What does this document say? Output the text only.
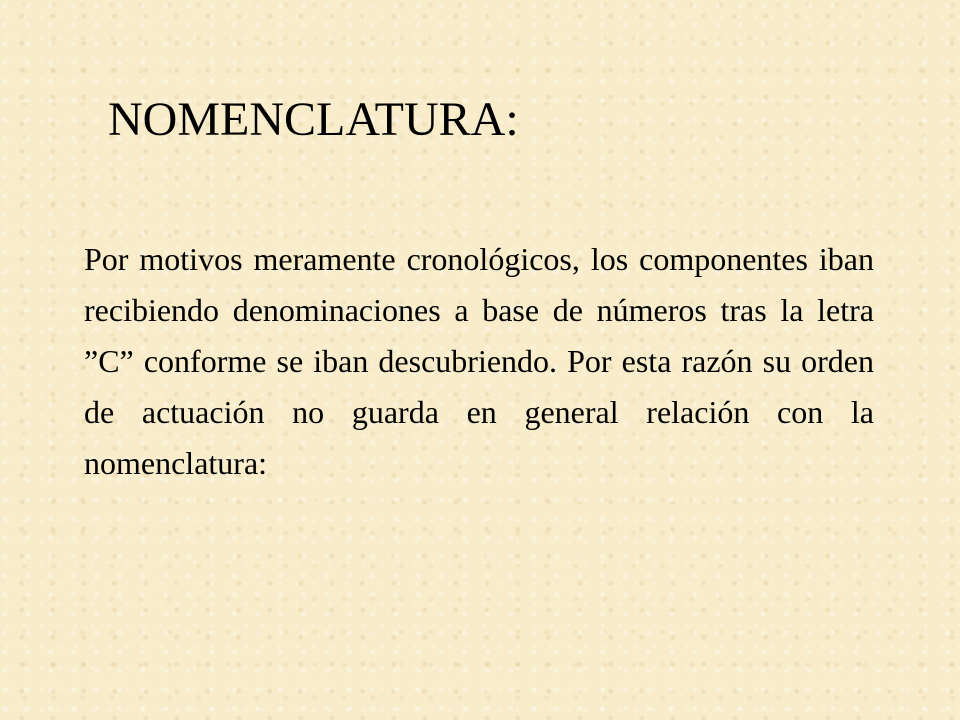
NOMENCLATURA:

Por motivos meramente cronológicos, los componentes iban recibiendo denominaciones a base de números tras la letra ”C” conforme se iban descubriendo. Por esta razón su orden de actuación no guarda en general relación con la nomenclatura:
